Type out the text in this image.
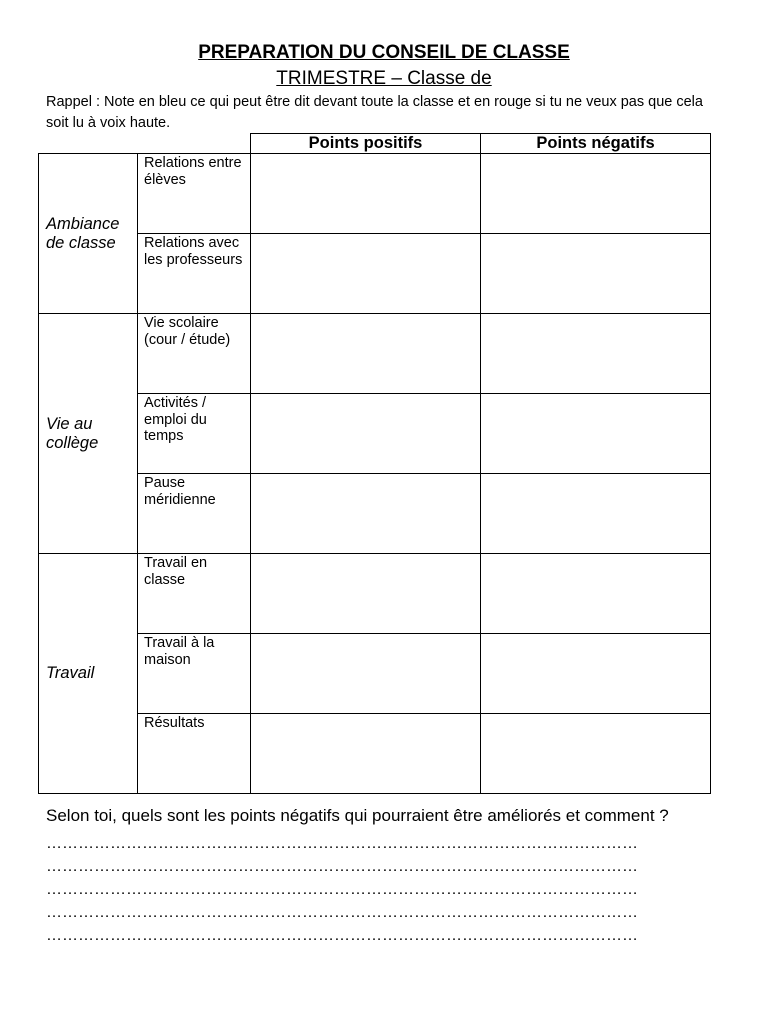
PREPARATION DU CONSEIL DE CLASSE

TRIMESTRE – Classe de

Rappel : Note en bleu ce qui peut être dit devant toute la classe et en rouge si tu ne veux pas que cela soit lu à voix haute.

		Points positifs	Points négatifs
Ambiance de classe	Relations entre élèves		
	Relations avec les professeurs		
Vie au collège	Vie scolaire (cour / étude)		
	Activités / emploi du temps		
	Pause méridienne		
Travail	Travail en classe		
	Travail à la maison		
	Résultats		

Selon toi, quels sont les points négatifs qui pourraient être améliorés et comment ?

…………………………………………………………………………………………………
…………………………………………………………………………………………………
…………………………………………………………………………………………………
…………………………………………………………………………………………………
…………………………………………………………………………………………………
